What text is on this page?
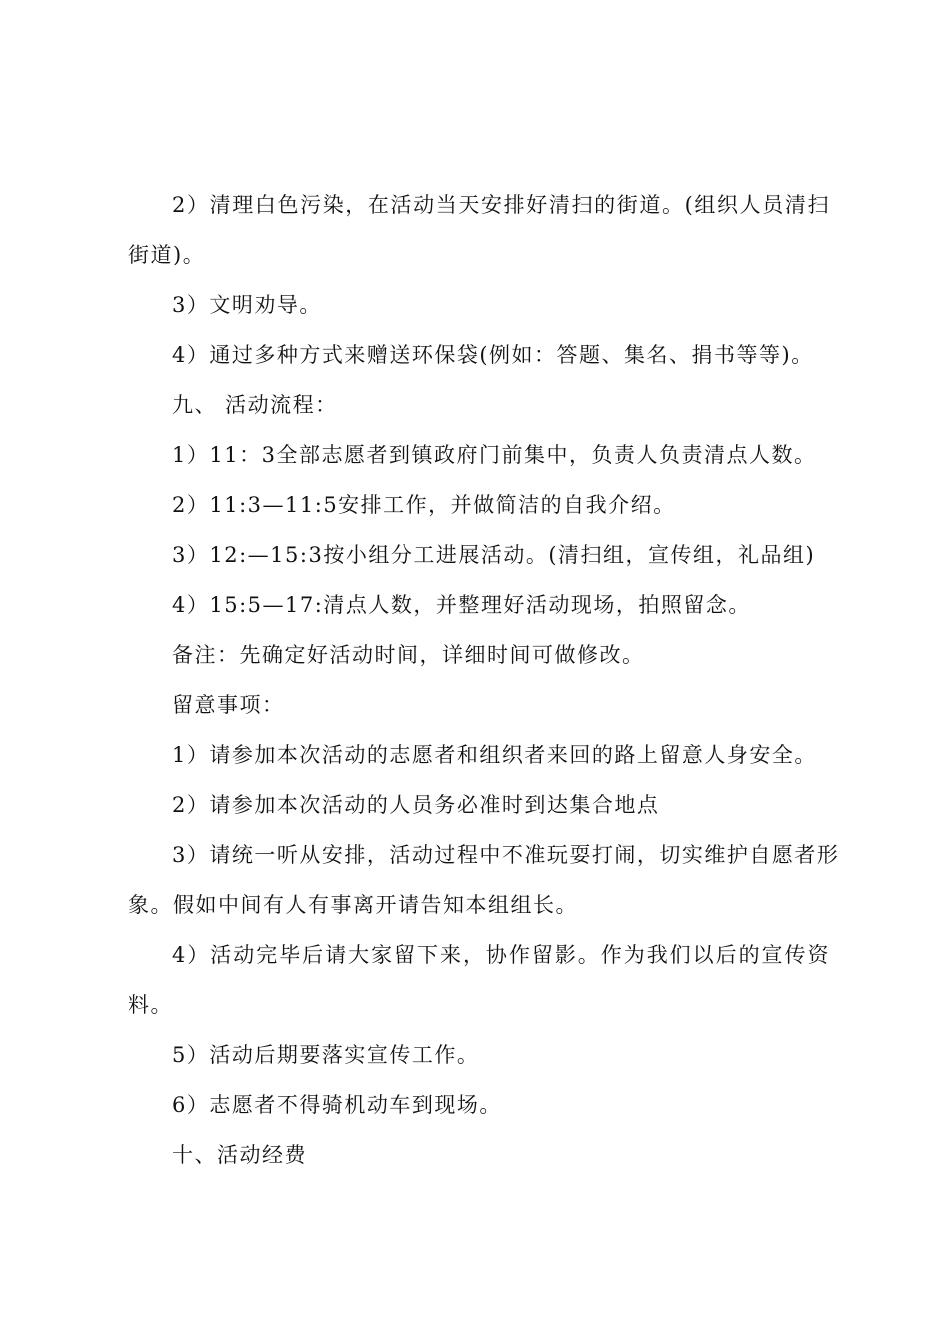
2）清理白色污染，在活动当天安排好清扫的街道。(组织人员清扫
街道)。
3）文明劝导。
4）通过多种方式来赠送环保袋(例如：答题、集名、捐书等等)。
九、 活动流程：
1）11：3全部志愿者到镇政府门前集中，负责人负责清点人数。
2）11:3—11:5安排工作，并做简洁的自我介绍。
3）12:—15:3按小组分工进展活动。(清扫组，宣传组，礼品组)
4）15:5—17:清点人数，并整理好活动现场，拍照留念。
备注：先确定好活动时间，详细时间可做修改。
留意事项：
1）请参加本次活动的志愿者和组织者来回的路上留意人身安全。
2）请参加本次活动的人员务必准时到达集合地点
3）请统一听从安排，活动过程中不准玩耍打闹，切实维护自愿者形
象。假如中间有人有事离开请告知本组组长。
4）活动完毕后请大家留下来，协作留影。作为我们以后的宣传资
料。
5）活动后期要落实宣传工作。
6）志愿者不得骑机动车到现场。
十、活动经费
